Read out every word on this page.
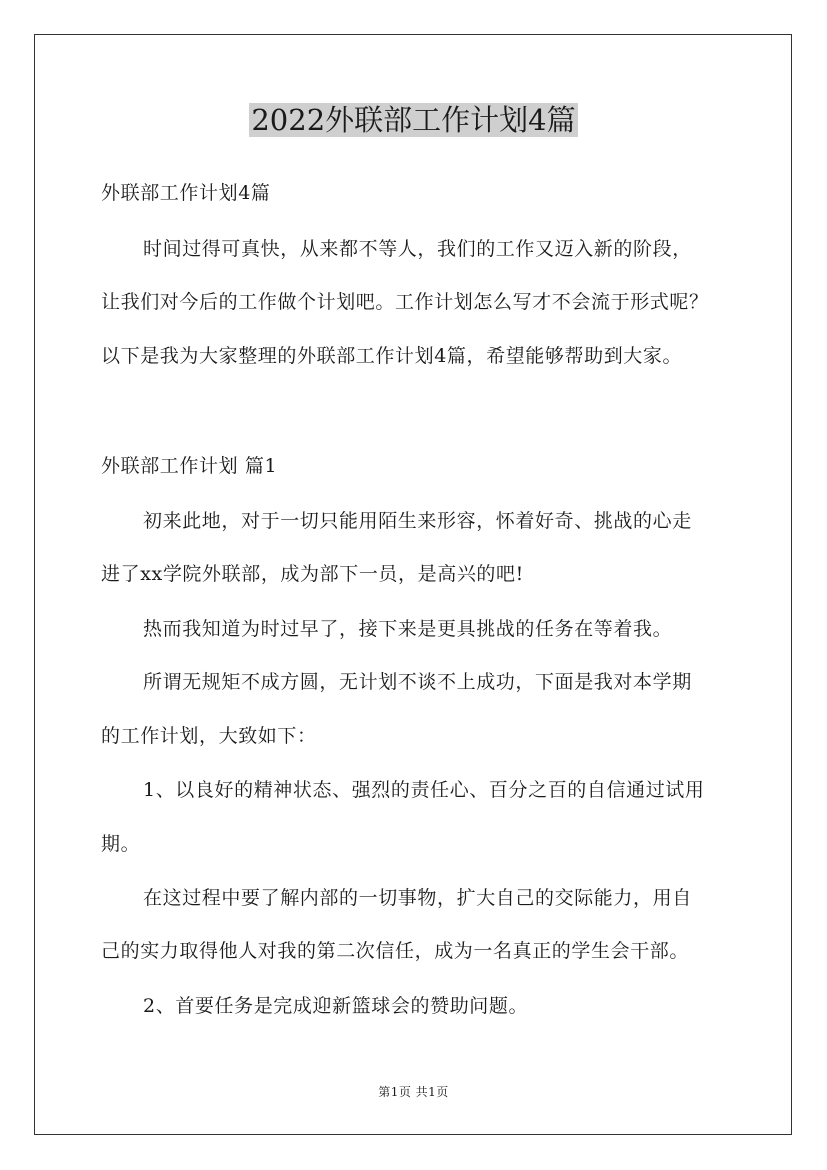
2022外联部工作计划4篇
外联部工作计划4篇
时间过得可真快，从来都不等人，我们的工作又迈入新的阶段，
让我们对今后的工作做个计划吧。工作计划怎么写才不会流于形式呢？
以下是我为大家整理的外联部工作计划4篇，希望能够帮助到大家。
外联部工作计划 篇1
初来此地，对于一切只能用陌生来形容，怀着好奇、挑战的心走
进了xx学院外联部，成为部下一员，是高兴的吧!
热而我知道为时过早了，接下来是更具挑战的任务在等着我。
所谓无规矩不成方圆，无计划不谈不上成功，下面是我对本学期
的工作计划，大致如下：
1、以良好的精神状态、强烈的责任心、百分之百的自信通过试用
期。
在这过程中要了解内部的一切事物，扩大自己的交际能力，用自
己的实力取得他人对我的第二次信任，成为一名真正的学生会干部。
2、首要任务是完成迎新篮球会的赞助问题。
第1页 共1页
